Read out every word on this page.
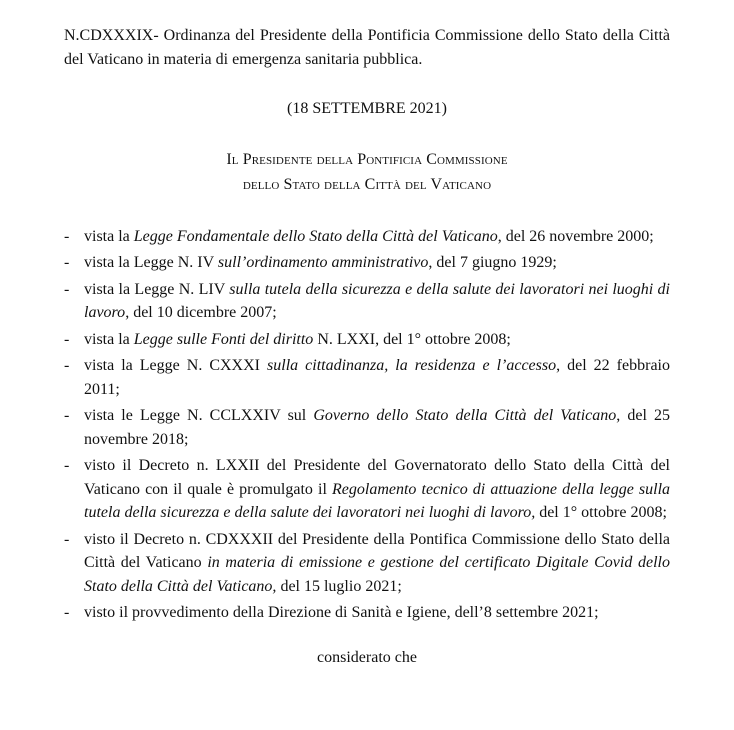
N.CDXXXIX- Ordinanza del Presidente della Pontificia Commissione dello Stato della Città del Vaticano in materia di emergenza sanitaria pubblica.

(18 SETTEMBRE 2021)

Il Presidente della Pontificia Commissione
dello Stato della Città del Vaticano
- vista la Legge Fondamentale dello Stato della Città del Vaticano, del 26 novembre 2000;
- vista la Legge N. IV sull’ordinamento amministrativo, del 7 giugno 1929;
- vista la Legge N. LIV sulla tutela della sicurezza e della salute dei lavoratori nei luoghi di lavoro, del 10 dicembre 2007;
- vista la Legge sulle Fonti del diritto N. LXXI, del 1° ottobre 2008;
- vista la Legge N. CXXXI sulla cittadinanza, la residenza e l’accesso, del 22 febbraio 2011;
- vista le Legge N. CCLXXIV sul Governo dello Stato della Città del Vaticano, del 25 novembre 2018;
- visto il Decreto n. LXXII del Presidente del Governatorato dello Stato della Città del Vaticano con il quale è promulgato il Regolamento tecnico di attuazione della legge sulla tutela della sicurezza e della salute dei lavoratori nei luoghi di lavoro, del 1° ottobre 2008;
- visto il Decreto n. CDXXXII del Presidente della Pontifica Commissione dello Stato della Città del Vaticano in materia di emissione e gestione del certificato Digitale Covid dello Stato della Città del Vaticano, del 15 luglio 2021;
- visto il provvedimento della Direzione di Sanità e Igiene, dell’8 settembre 2021;

considerato che
